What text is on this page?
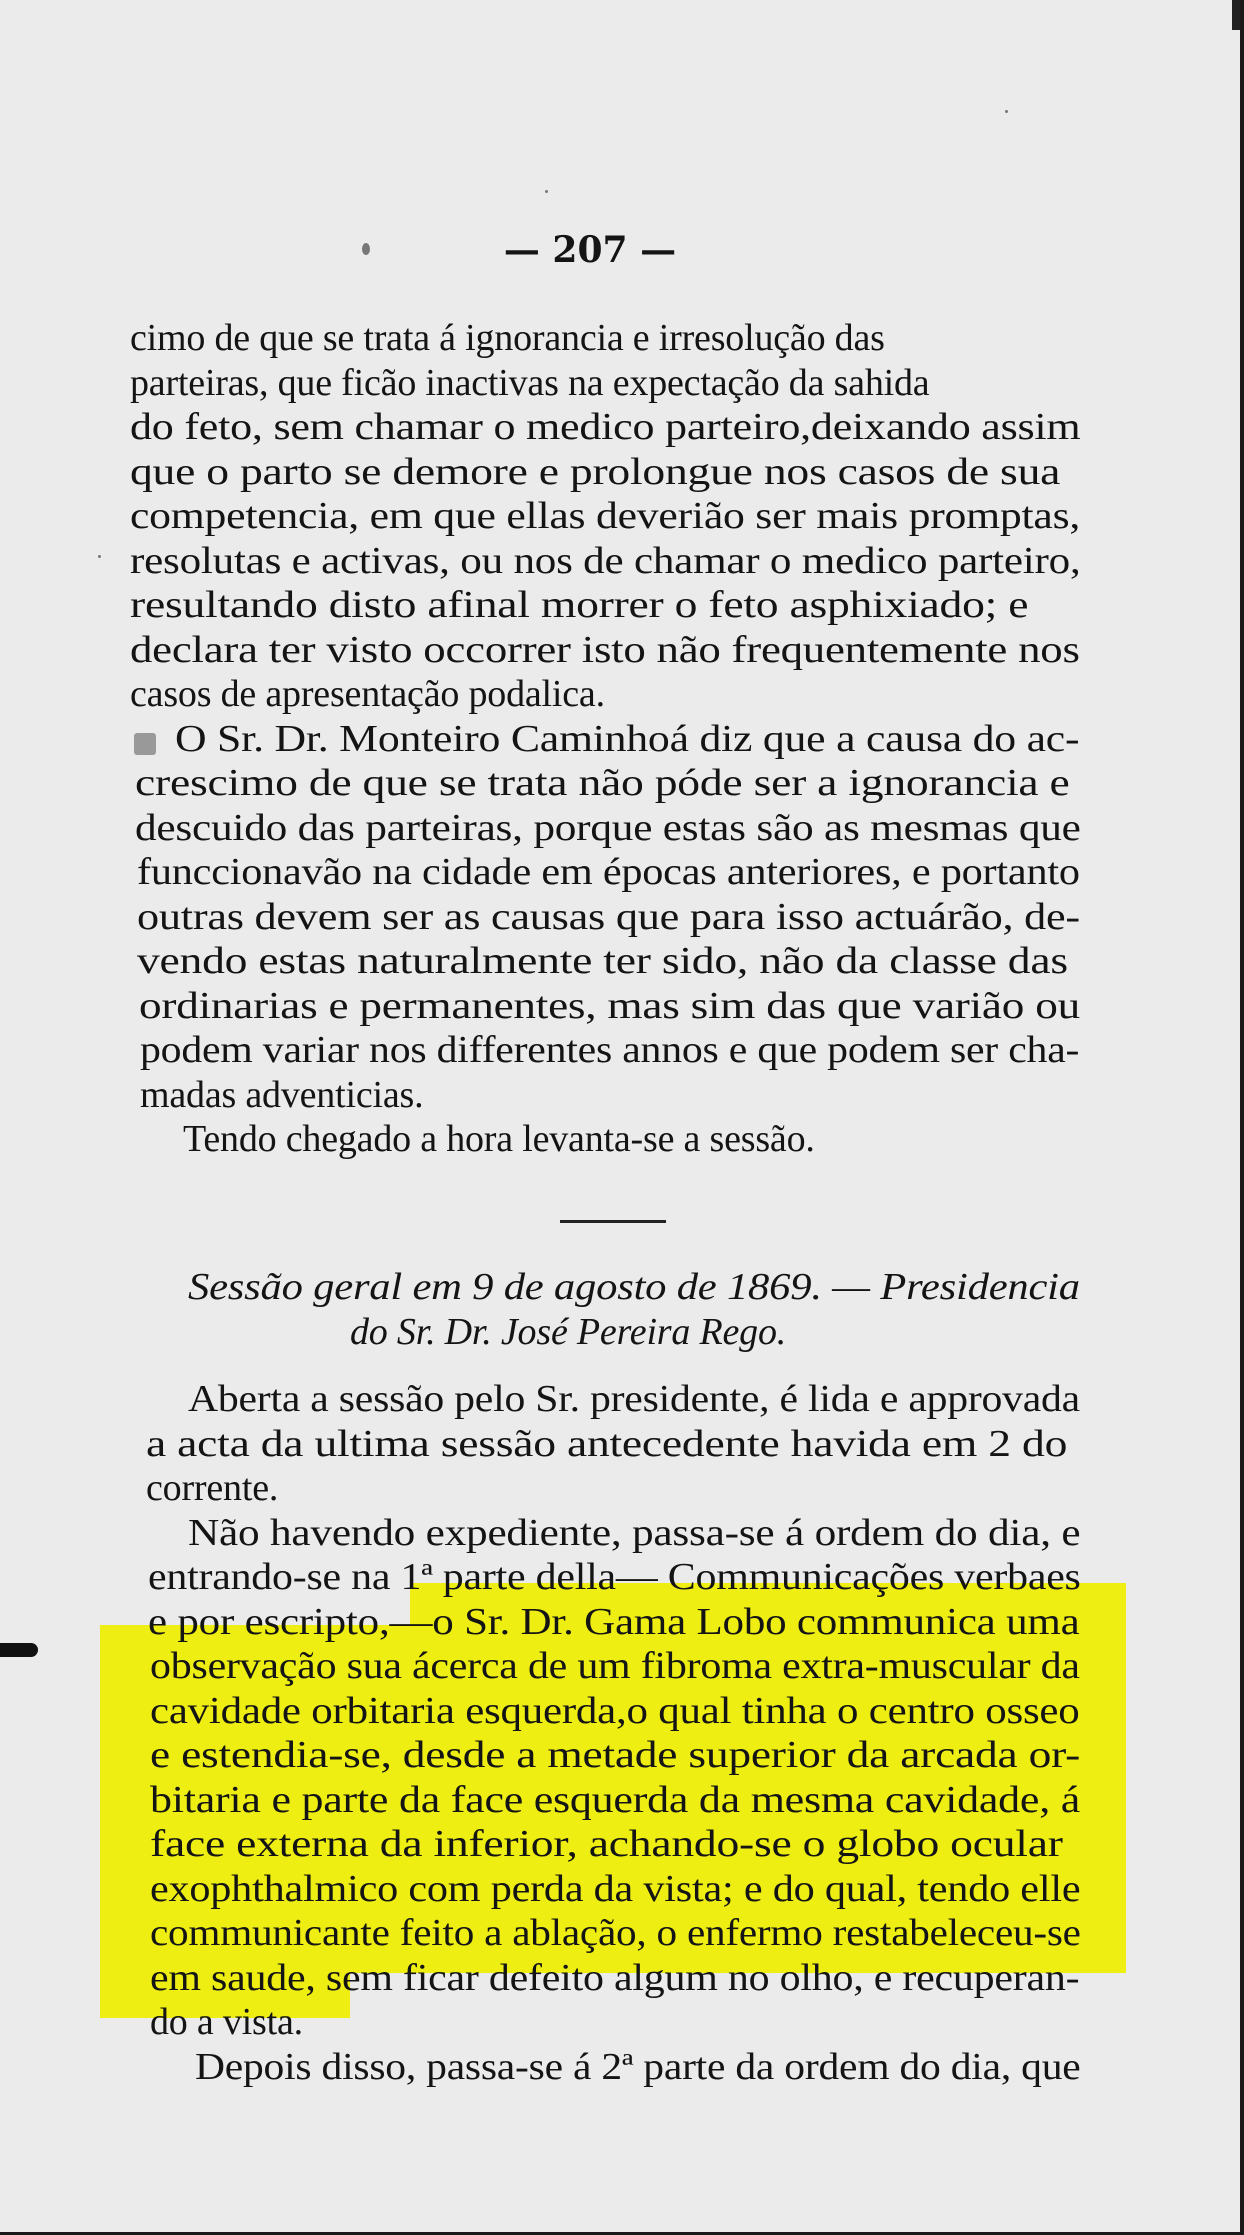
— 207 —
cimo de que se trata á ignorancia e irresolução das
parteiras, que ficão inactivas na expectação da sahida
do feto, sem chamar o medico parteiro,deixando assim
que o parto se demore e prolongue nos casos de sua
competencia, em que ellas deverião ser mais promptas,
resolutas e activas, ou nos de chamar o medico parteiro,
resultando disto afinal morrer o feto asphixiado; e
declara ter visto occorrer isto não frequentemente nos
casos de apresentação podalica.
O Sr. Dr. Monteiro Caminhoá diz que a causa do ac-
crescimo de que se trata não póde ser a ignorancia e
descuido das parteiras, porque estas são as mesmas que
funccionavão na cidade em épocas anteriores, e portanto
outras devem ser as causas que para isso actuárão, de-
vendo estas naturalmente ter sido, não da classe das
ordinarias e permanentes, mas sim das que varião ou
podem variar nos differentes annos e que podem ser cha-
madas adventicias.
Tendo chegado a hora levanta-se a sessão.
Sessão geral em 9 de agosto de 1869. — Presidencia
do Sr. Dr. José Pereira Rego.
Aberta a sessão pelo Sr. presidente, é lida e approvada
a acta da ultima sessão antecedente havida em 2 do
corrente.
Não havendo expediente, passa-se á ordem do dia, e
entrando-se na 1ª parte della— Communicações verbaes
e por escripto,—o Sr. Dr. Gama Lobo communica uma
observação sua ácerca de um fibroma extra-muscular da
cavidade orbitaria esquerda,o qual tinha o centro osseo
e estendia-se, desde a metade superior da arcada or-
bitaria e parte da face esquerda da mesma cavidade, á
face externa da inferior, achando-se o globo ocular
exophthalmico com perda da vista; e do qual, tendo elle
communicante feito a ablação, o enfermo restabeleceu-se
em saude, sem ficar defeito algum no olho, e recuperan-
do a vista.
Depois disso, passa-se á 2ª parte da ordem do dia, que
